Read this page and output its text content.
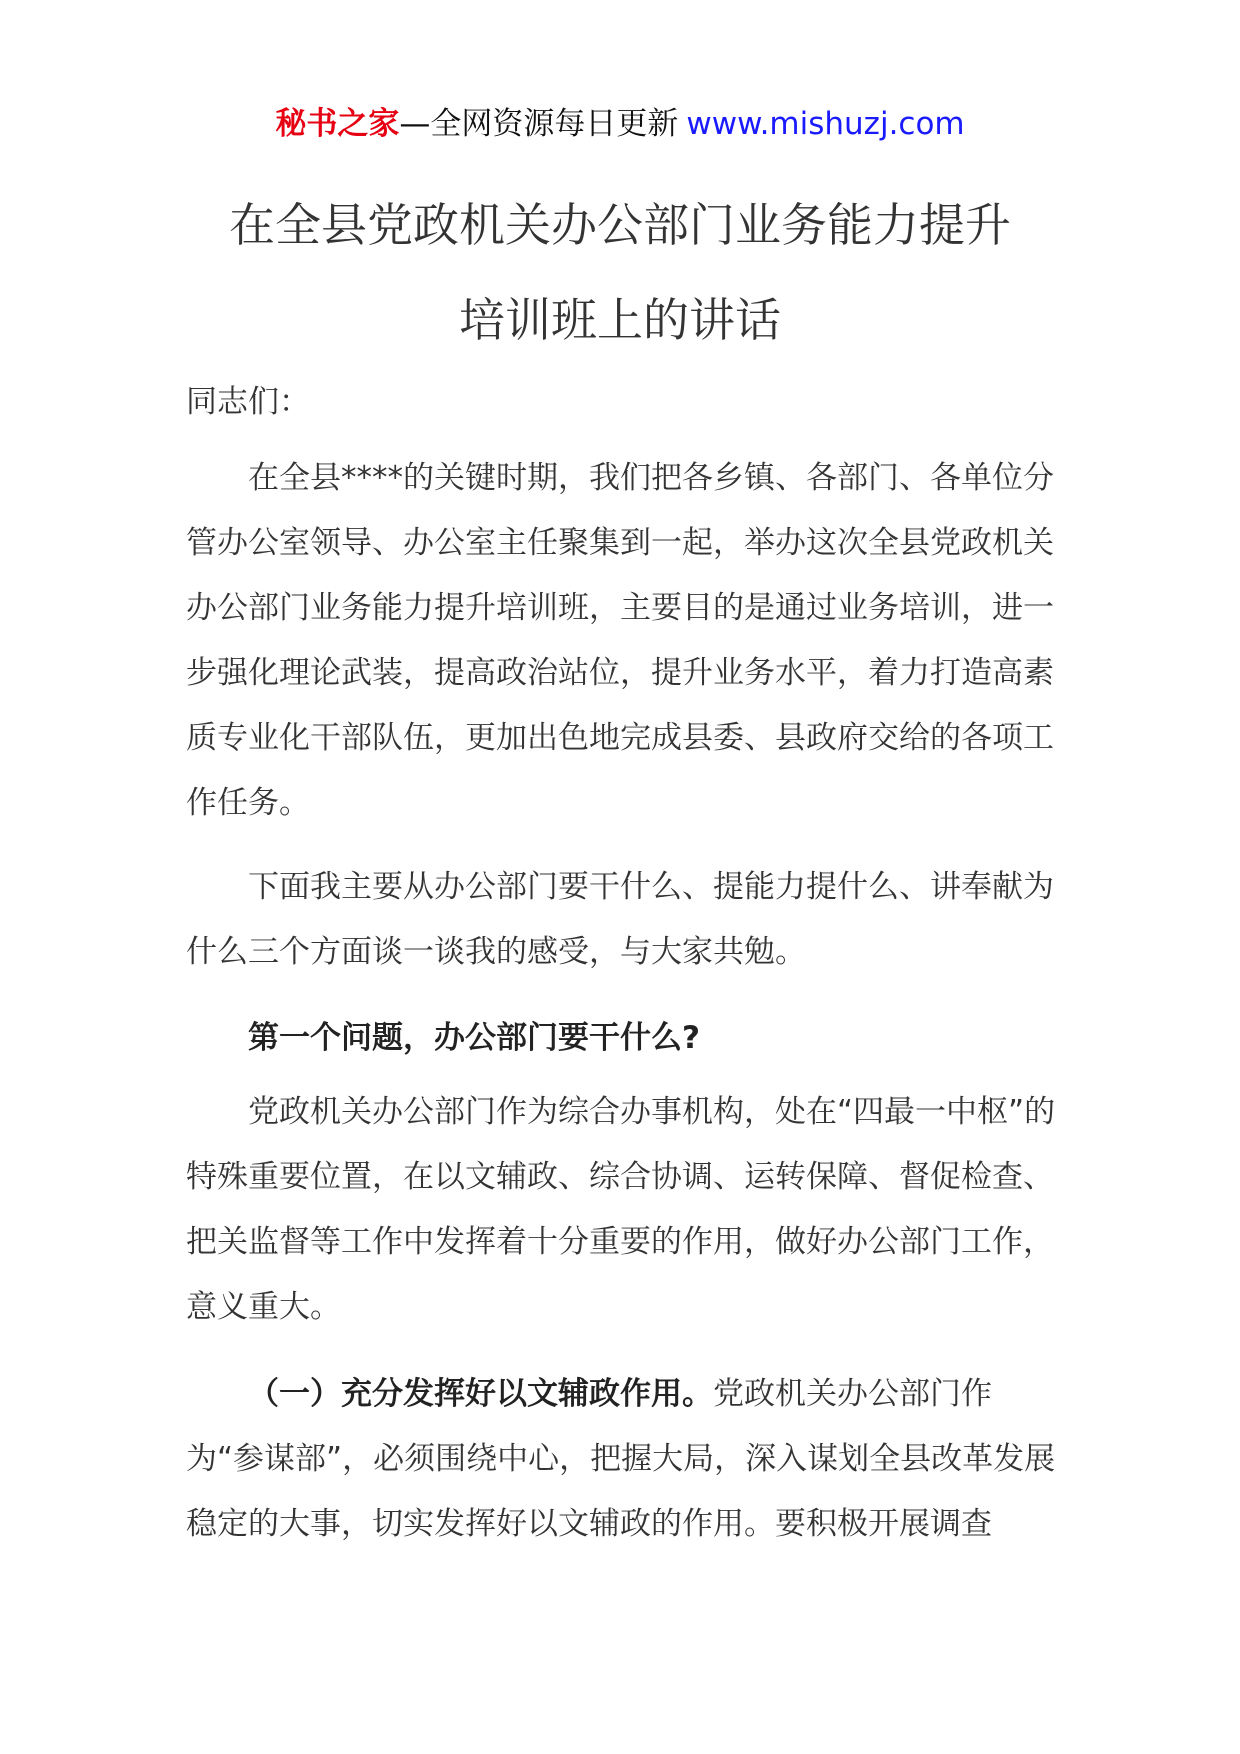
秘书之家—全网资源每日更新 www.mishuzj.com
在全县党政机关办公部门业务能力提升
培训班上的讲话
同志们：

在全县****的关键时期，我们把各乡镇、各部门、各单位分管办公室领导、办公室主任聚集到一起，举办这次全县党政机关办公部门业务能力提升培训班，主要目的是通过业务培训，进一步强化理论武装，提高政治站位，提升业务水平，着力打造高素质专业化干部队伍，更加出色地完成县委、县政府交给的各项工作任务。

下面我主要从办公部门要干什么、提能力提什么、讲奉献为什么三个方面谈一谈我的感受，与大家共勉。

第一个问题，办公部门要干什么?

党政机关办公部门作为综合办事机构，处在“四最一中枢”的特殊重要位置，在以文辅政、综合协调、运转保障、督促检查、把关监督等工作中发挥着十分重要的作用，做好办公部门工作，意义重大。

（一）充分发挥好以文辅政作用。党政机关办公部门作为“参谋部”，必须围绕中心，把握大局，深入谋划全县改革发展稳定的大事，切实发挥好以文辅政的作用。要积极开展调查
